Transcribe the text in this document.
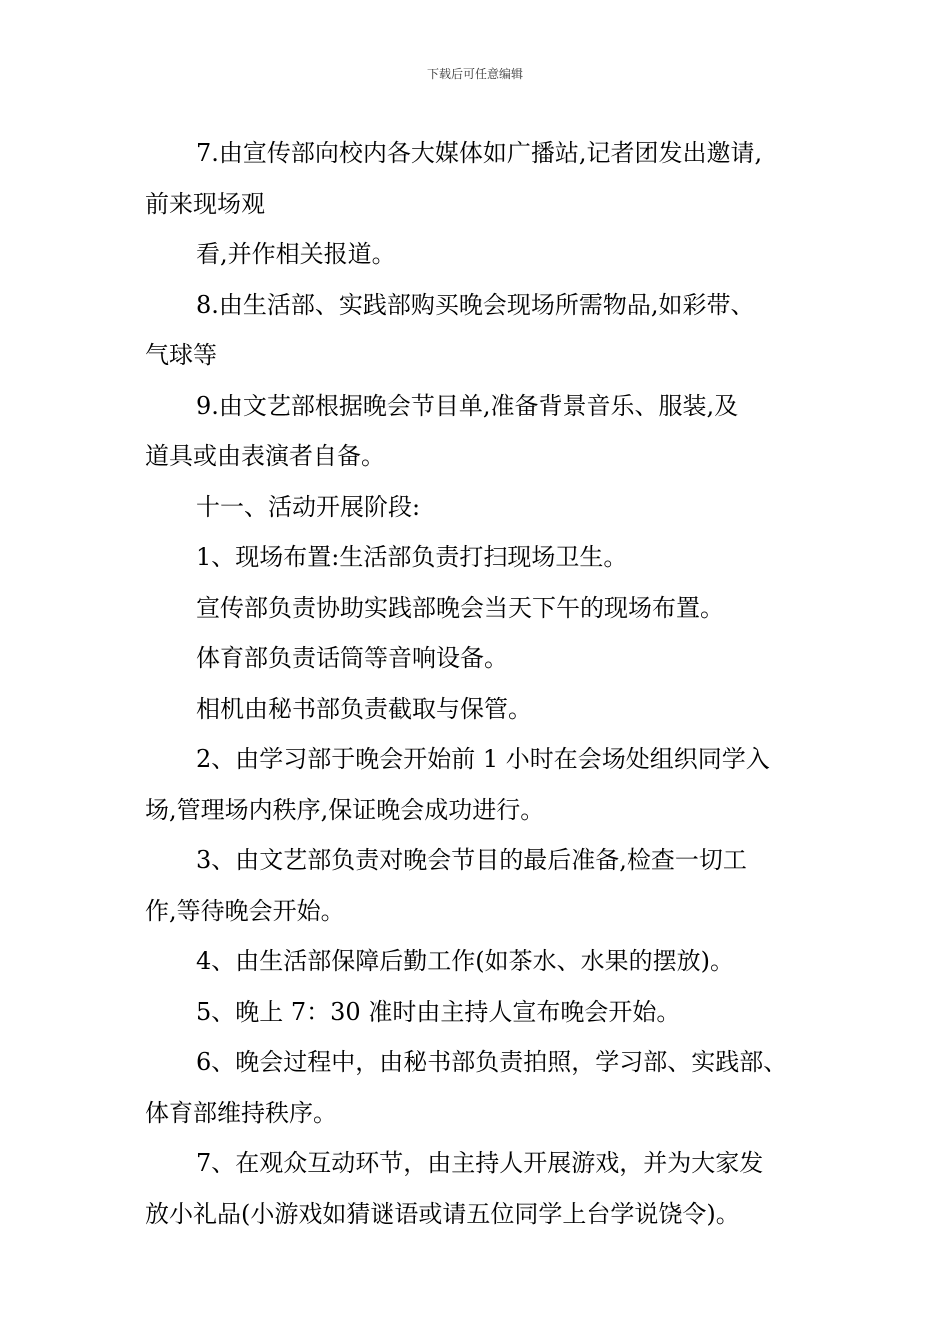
下载后可任意编辑

7.由宣传部向校内各大媒体如广播站,记者团发出邀请,

前来现场观

看,并作相关报道。

8.由生活部、实践部购买晚会现场所需物品,如彩带、

气球等

9.由文艺部根据晚会节目单,准备背景音乐、服装,及

道具或由表演者自备。

十一、活动开展阶段:

1、现场布置:生活部负责打扫现场卫生。

宣传部负责协助实践部晚会当天下午的现场布置。

体育部负责话筒等音响设备。

相机由秘书部负责截取与保管。

2、由学习部于晚会开始前 1 小时在会场处组织同学入

场,管理场内秩序,保证晚会成功进行。

3、由文艺部负责对晚会节目的最后准备,检查一切工

作,等待晚会开始。

4、由生活部保障后勤工作(如茶水、水果的摆放)。

5、晚上 7：30 准时由主持人宣布晚会开始。

6、晚会过程中，由秘书部负责拍照，学习部、实践部、

体育部维持秩序。

7、在观众互动环节，由主持人开展游戏，并为大家发

放小礼品(小游戏如猜谜语或请五位同学上台学说饶令)。
